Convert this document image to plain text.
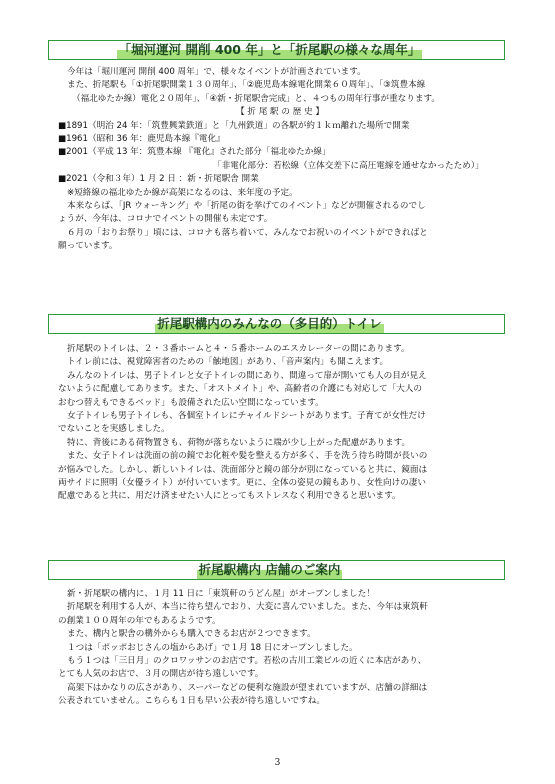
「堀河運河 開削 400 年」と「折尾駅の様々な周年」

今年は「堀川運河 開削 400 周年」で、様々なイベントが計画されています。

また、折尾駅も「①折尾駅開業１３０周年」、「②鹿児島本線電化開業６０周年」、「③筑豊本線

（福北ゆたか線）電化２０周年」、「④新・折尾駅舎完成」と、４つもの周年行事が重なります。

【 折 尾 駅 の 歴 史 】

■1891（明治 24 年：「筑豊興業鉄道」と「九州鉄道」の各駅が約１ｋｍ離れた場所で開業

■1961（昭和 36 年：鹿児島本線『電化』

■2001（平成 13 年：筑豊本線 『電化』された部分「福北ゆたか線」

「非電化部分：若松線（立体交差下に高圧電線を通せなかったため）」

■2021（令和３年）1 月 2 日 ：新・折尾駅舎 開業

※短絡線の福北ゆたか線が高架になるのは、来年度の予定。

本来ならば、「JR ウォーキング」や「折尾の街を挙げてのイベント」などが開催されるのでし

ょうが、今年は、コロナでイベントの開催も未定です。

６月の「おりお祭り」頃には、コロナも落ち着いて、みんなでお祝いのイベントができればと

願っています。

折尾駅構内のみんなの（多目的）トイレ

折尾駅のトイレは、２・３番ホームと４・５番ホームのエスカレーターの間にあります。

トイレ前には、視覚障害者のための「触地図」があり、「音声案内」も聞こえます。

みんなのトイレは、男子トイレと女子トイレの間にあり、間違って扉が開いても人の目が見え

ないように配慮してあります。また、「オストメイト」や、高齢者の介護にも対応して「大人の

おむつ替えもできるベッド」も設備された広い空間になっています。

女子トイレも男子トイレも、各個室トイレにチャイルドシートがあります。子育てが女性だけ

でないことを実感しました。

特に、背後にある荷物置きも、荷物が落ちないように端が少し上がった配慮があります。

また、女子トイレは洗面の前の鏡でお化粧や髪を整える方が多く、手を洗う待ち時間が長いの

が悩みでした。しかし、新しいトイレは、洗面部分と鏡の部分が別になっていると共に、鏡面は

両サイドに照明（女優ライト）が付いています。更に、全体の姿見の鏡もあり、女性向けの凄い

配慮であると共に、用だけ済ませたい人にとってもストレスなく利用できると思います。

折尾駅構内 店舗のご案内

新・折尾駅の構内に、１月 11 日に「東筑軒のうどん屋」がオープンしました！

折尾駅を利用する人が、本当に待ち望んでおり、大変に喜んでいました。また、今年は東筑軒

の創業１００周年の年でもあるようです。

また、構内と駅舎の構外からも購入できるお店が２つできます。

１つは「ポッポおじさんの塩からあげ」で１月 18 日にオープンしました。

もう１つは「三日月」のクロワッサンのお店です。若松の古川工業ビルの近くに本店があり、

とても人気のお店で、３月の開店が待ち遠しいです。

高架下はかなりの広さがあり、スーパーなどの便利な施設が望まれていますが、店舗の詳細は

公表されていません。こちらも１日も早い公表が待ち遠しいですね。

3
